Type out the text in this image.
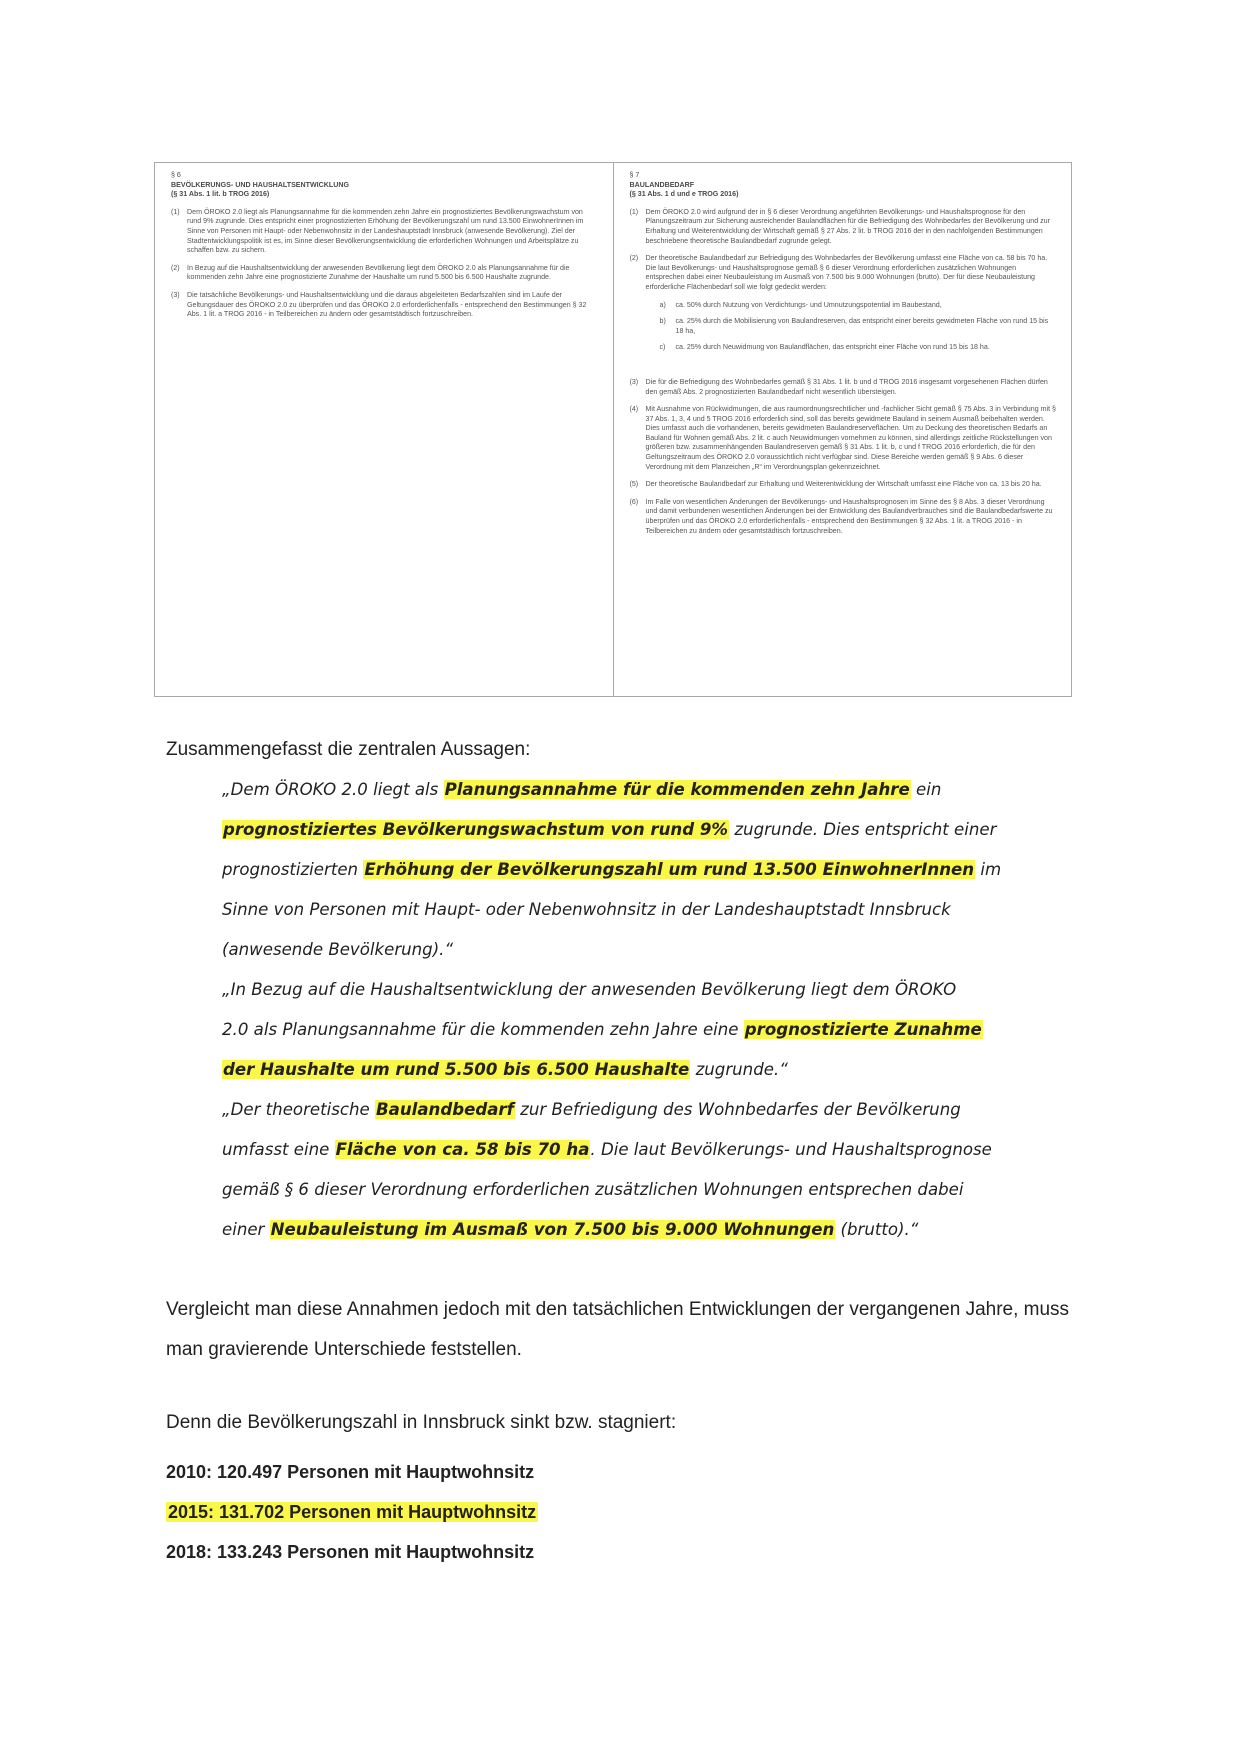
§ 6

BEVÖLKERUNGS- UND HAUSHALTSENTWICKLUNG

(§ 31 Abs. 1 lit. b TROG 2016)

(1)	Dem ÖROKO 2.0 liegt als Planungsannahme für die kommenden zehn Jahre ein prognostiziertes Bevölkerungswachstum von rund 9% zugrunde. Dies entspricht einer prognostizierten Erhöhung der Bevölkerungszahl um rund 13.500 EinwohnerInnen im Sinne von Personen mit Haupt- oder Nebenwohnsitz in der Landeshauptstadt Innsbruck (anwesende Bevölkerung). Ziel der Stadtentwicklungspolitik ist es, im Sinne dieser Bevölkerungsentwicklung die erforderlichen Wohnungen und Arbeitsplätze zu schaffen bzw. zu sichern.
(2)	In Bezug auf die Haushaltsentwicklung der anwesenden Bevölkerung liegt dem ÖROKO 2.0 als Planungsannahme für die kommenden zehn Jahre eine prognostizierte Zunahme der Haushalte um rund 5.500 bis 6.500 Haushalte zugrunde.
(3)	Die tatsächliche Bevölkerungs- und Haushaltsentwicklung und die daraus abgeleiteten Bedarfszahlen sind im Laufe der Geltungsdauer des ÖROKO 2.0 zu überprüfen und das ÖROKO 2.0 erforderlichenfalls - entsprechend den Bestimmungen § 32 Abs. 1 lit. a TROG 2016 - in Teilbereichen zu ändern oder gesamtstädtisch fortzuschreiben.

§ 7

BAULANDBEDARF

(§ 31 Abs. 1 d und e TROG 2016)

(1)	Dem ÖROKO 2.0 wird aufgrund der in § 6 dieser Verordnung angeführten Bevölkerungs- und Haushaltsprognose für den Planungszeitraum zur Sicherung ausreichender Baulandflächen für die Befriedigung des Wohnbedarfes der Bevölkerung und zur Erhaltung und Weiterentwicklung der Wirtschaft gemäß § 27 Abs. 2 lit. b TROG 2016 der in den nachfolgenden Bestimmungen beschriebene theoretische Baulandbedarf zugrunde gelegt.
(2)	Der theoretische Baulandbedarf zur Befriedigung des Wohnbedarfes der Bevölkerung umfasst eine Fläche von ca. 58 bis 70 ha. Die laut Bevölkerungs- und Haushaltsprognose gemäß § 6 dieser Verordnung erforderlichen zusätzlichen Wohnungen entsprechen dabei einer Neubauleistung im Ausmaß von 7.500 bis 9.000 Wohnungen (brutto). Der für diese Neubauleistung erforderliche Flächenbedarf soll wie folgt gedeckt werden:
a)	ca. 50% durch Nutzung von Verdichtungs- und Umnutzungspotential im Baubestand,
b)	ca. 25% durch die Mobilisierung von Baulandreserven, das entspricht einer bereits gewidmeten Fläche von rund 15 bis 18 ha,
c)	ca. 25% durch Neuwidmung von Baulandflächen, das entspricht einer Fläche von rund 15 bis 18 ha.
(3)	Die für die Befriedigung des Wohnbedarfes gemäß § 31 Abs. 1 lit. b und d TROG 2016 insgesamt vorgesehenen Flächen dürfen den gemäß Abs. 2 prognostizierten Baulandbedarf nicht wesentlich übersteigen.
(4)	Mit Ausnahme von Rückwidmungen, die aus raumordnungsrechtlicher und -fachlicher Sicht gemäß § 75 Abs. 3 in Verbindung mit § 37 Abs. 1, 3, 4 und 5 TROG 2016 erforderlich sind, soll das bereits gewidmete Bauland in seinem Ausmaß beibehalten werden. Dies umfasst auch die vorhandenen, bereits gewidmeten Baulandreserveflächen. Um zu Deckung des theoretischen Bedarfs an Bauland für Wohnen gemäß Abs. 2 lit. c auch Neuwidmungen vornehmen zu können, sind allerdings zeitliche Rückstellungen von größeren bzw. zusammenhängenden Baulandreserven gemäß § 31 Abs. 1 lit. b, c und f TROG 2016 erforderlich, die für den Geltungszeitraum des ÖROKO 2.0 voraussichtlich nicht verfügbar sind. Diese Bereiche werden gemäß § 9 Abs. 6 dieser Verordnung mit dem Planzeichen „R“ im Verordnungsplan gekennzeichnet.
(5)	Der theoretische Baulandbedarf zur Erhaltung und Weiterentwicklung der Wirtschaft umfasst eine Fläche von ca. 13 bis 20 ha.
(6)	Im Falle von wesentlichen Änderungen der Bevölkerungs- und Haushaltsprognosen im Sinne des § 8 Abs. 3 dieser Verordnung und damit verbundenen wesentlichen Änderungen bei der Entwicklung des Baulandverbrauches sind die Baulandbedarfswerte zu überprüfen und das ÖROKO 2.0 erforderlichenfalls - entsprechend den Bestimmungen § 32 Abs. 1 lit. a TROG 2016 - in Teilbereichen zu ändern oder gesamtstädtisch fortzuschreiben.

Zusammengefasst die zentralen Aussagen:

„Dem ÖROKO 2.0 liegt als Planungsannahme für die kommenden zehn Jahre ein

prognostiziertes Bevölkerungswachstum von rund 9% zugrunde. Dies entspricht einer

prognostizierten Erhöhung der Bevölkerungszahl um rund 13.500 EinwohnerInnen im

Sinne von Personen mit Haupt- oder Nebenwohnsitz in der Landeshauptstadt Innsbruck

(anwesende Bevölkerung).“

„In Bezug auf die Haushaltsentwicklung der anwesenden Bevölkerung liegt dem ÖROKO

2.0 als Planungsannahme für die kommenden zehn Jahre eine prognostizierte Zunahme

der Haushalte um rund 5.500 bis 6.500 Haushalte zugrunde.“

„Der theoretische Baulandbedarf zur Befriedigung des Wohnbedarfes der Bevölkerung

umfasst eine Fläche von ca. 58 bis 70 ha. Die laut Bevölkerungs- und Haushaltsprognose

gemäß § 6 dieser Verordnung erforderlichen zusätzlichen Wohnungen entsprechen dabei

einer Neubauleistung im Ausmaß von 7.500 bis 9.000 Wohnungen (brutto).“

Vergleicht man diese Annahmen jedoch mit den tatsächlichen Entwicklungen der vergangenen Jahre, muss man gravierende Unterschiede feststellen.

Denn die Bevölkerungszahl in Innsbruck sinkt bzw. stagniert:

2010: 120.497 Personen mit Hauptwohnsitz
2015: 131.702 Personen mit Hauptwohnsitz
2018: 133.243 Personen mit Hauptwohnsitz
